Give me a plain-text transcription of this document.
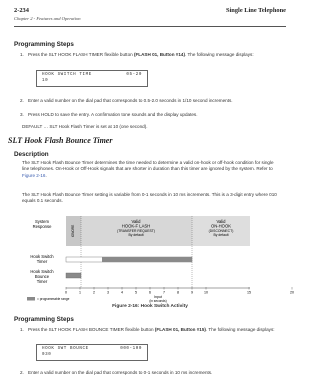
2-234	Single Line Telephone
Chapter 2 - Features and Operation
Programming Steps
1. Press the SLT HOOK FLASH TIMER flexible button (FLASH 01, Button #14). The following message displays:
HOOK SWITCH TIME	05-20
10
2. Enter a valid number on the dial pad that corresponds to 0.5-2.0 seconds in 1/10 second increments.
3. Press HOLD to save the entry. A confirmation tone sounds and the display updates.
DEFAULT … SLT Hook Flash Timer is set at 10 (one second).
SLT Hook Flash Bounce Timer
Description
The SLT Hook Flash Bounce Timer determines the time needed to determine a valid on-hook or off-hook condition for single line telephones. On-Hook or Off-Hook signals that are shorter in duration than this timer are ignored by the system. Refer to Figure 2-16.
The SLT Hook Flash Bounce Timer setting is variable from 0-1 seconds in 10 ms increments. This is a 3-digit entry where 010 equals 0.1 seconds.
System
Response
Hook Switch
Timer
Hook Switch
Bounce
Timer
IGNORE
Valid HOOK-F LASH (TRANSFER REQUEST) By default
Valid ON-HOOK (DISCONNECT) By default
0	1	2	3	4	5	6	7	8	9	10	15	20
Input
(in seconds)
= programmable range
Figure 2-16: Hook Switch Activity
Programming Steps
1. Press the SLT HOOK FLASH BOUNCE TIMER flexible button (FLASH 01, Button #15). The following message displays:
HOOK SWT BOUNCE	000-100
030
2. Enter a valid number on the dial pad that corresponds to 0-1 seconds in 10 ms increments.
